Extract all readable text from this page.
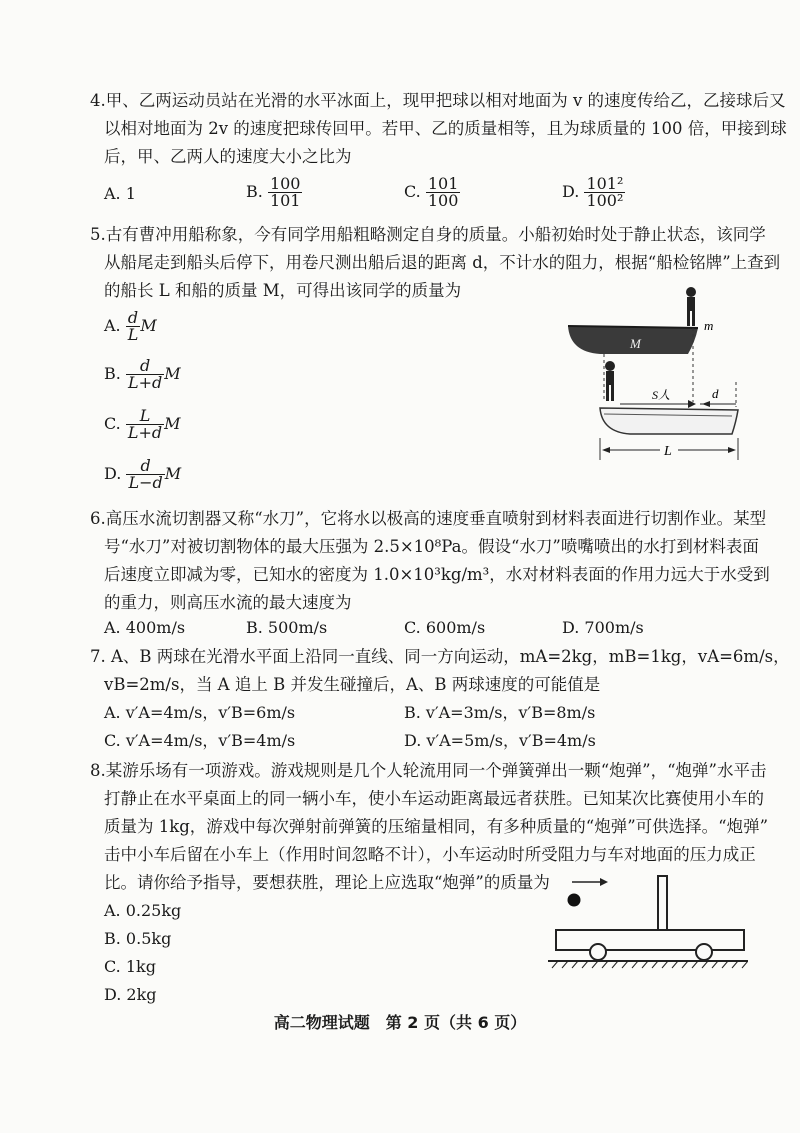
4.甲、乙两运动员站在光滑的水平冰面上，现甲把球以相对地面为 v 的速度传给乙，乙接球后又
以相对地面为 2v 的速度把球传回甲。若甲、乙的质量相等，且为球质量的 100 倍，甲接到球
后，甲、乙两人的速度大小之比为
A. 1	B. $\frac{100}{101}$	C. $\frac{101}{100}$	D. $\frac{\text{101²}}{\text{100²}}$
5.古有曹冲用船称象，今有同学用船粗略测定自身的质量。小船初始时处于静止状态，该同学
从船尾走到船头后停下，用卷尺测出船后退的距离 d，不计水的阻力，根据“船检铭牌”上查到
的船长 L 和船的质量 M，可得出该同学的质量为
A. $\frac{d}{L}$ M
B. $\frac{d}{L+d}$ M
C. $\frac{L}{L+d}$ M
D. $\frac{d}{L-d}$ M
m
M
S人	d
L
6.高压水流切割器又称“水刀”，它将水以极高的速度垂直喷射到材料表面进行切割作业。某型
号“水刀”对被切割物体的最大压强为 2.5×10⁸Pa。假设“水刀”喷嘴喷出的水打到材料表面
后速度立即减为零，已知水的密度为 1.0×10³kg/m³，水对材料表面的作用力远大于水受到
的重力，则高压水流的最大速度为
A. 400m/s	B. 500m/s	C. 600m/s	D. 700m/s
7. A、B 两球在光滑水平面上沿同一直线、同一方向运动，mA=2kg，mB=1kg，vA=6m/s，
vB=2m/s，当 A 追上 B 并发生碰撞后，A、B 两球速度的可能值是
A. v′A=4m/s，v′B=6m/s	B. v′A=3m/s，v′B=8m/s
C. v′A=4m/s，v′B=4m/s	D. v′A=5m/s，v′B=4m/s
8.某游乐场有一项游戏。游戏规则是几个人轮流用同一个弹簧弹出一颗“炮弹”，“炮弹”水平击
打静止在水平桌面上的同一辆小车，使小车运动距离最远者获胜。已知某次比赛使用小车的
质量为 1kg，游戏中每次弹射前弹簧的压缩量相同，有多种质量的“炮弹”可供选择。“炮弹”
击中小车后留在小车上（作用时间忽略不计），小车运动时所受阻力与车对地面的压力成正
比。请你给予指导，要想获胜，理论上应选取“炮弹”的质量为
A. 0.25kg
B. 0.5kg
C. 1kg
D. 2kg
高二物理试题　第 2 页（共 6 页）
